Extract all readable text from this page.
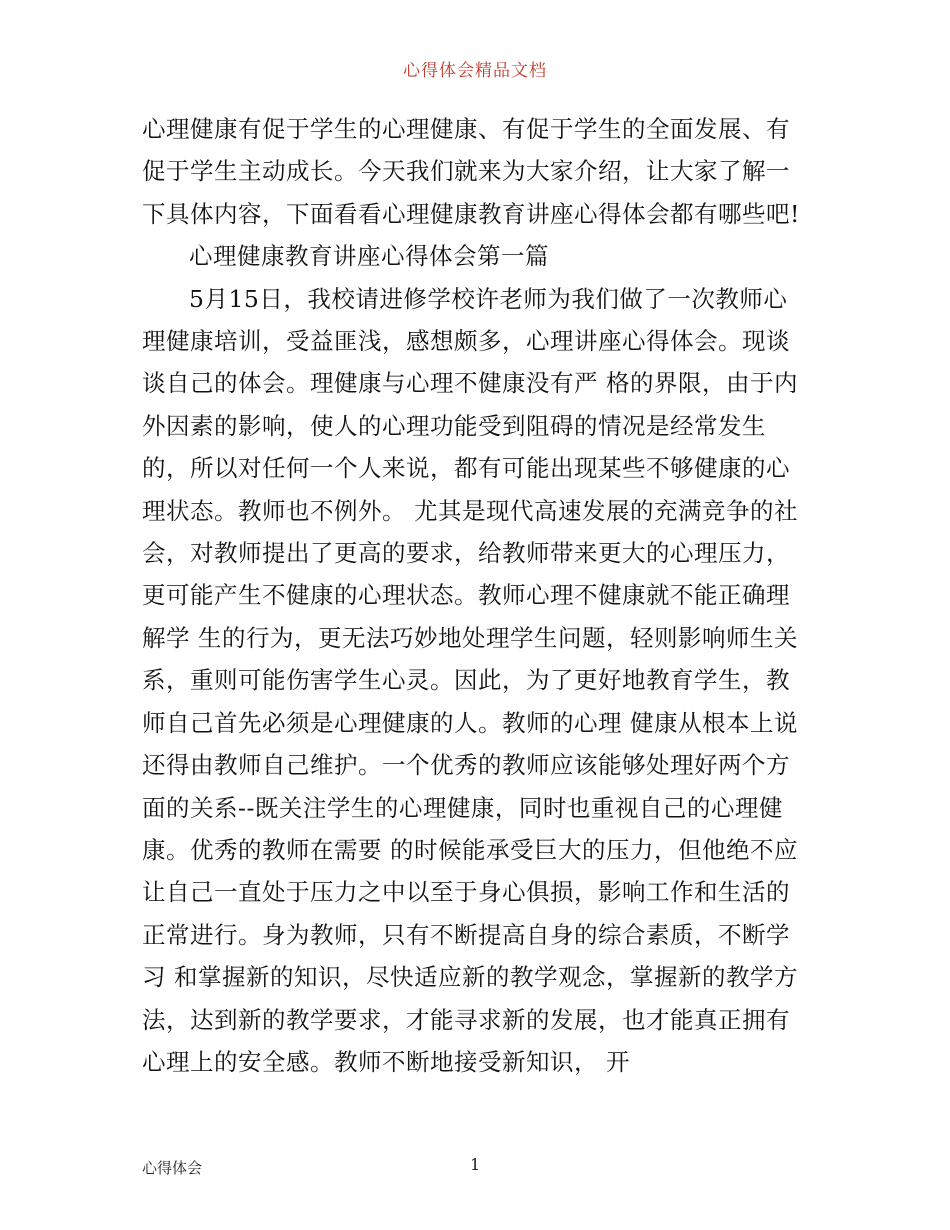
心得体会精品文档

心理健康有促于学生的心理健康、有促于学生的全面发展、有促于学生主动成长。今天我们就来为大家介绍，让大家了解一下具体内容，下面看看心理健康教育讲座心得体会都有哪些吧!

心理健康教育讲座心得体会第一篇

5月15日，我校请进修学校许老师为我们做了一次教师心理健康培训，受益匪浅，感想颇多，心理讲座心得体会。现谈谈自己的体会。理健康与心理不健康没有严 格的界限，由于内外因素的影响，使人的心理功能受到阻碍的情况是经常发生的，所以对任何一个人来说，都有可能出现某些不够健康的心理状态。教师也不例外。 尤其是现代高速发展的充满竞争的社会，对教师提出了更高的要求，给教师带来更大的心理压力，更可能产生不健康的心理状态。教师心理不健康就不能正确理解学 生的行为，更无法巧妙地处理学生问题，轻则影响师生关系，重则可能伤害学生心灵。因此，为了更好地教育学生，教师自己首先必须是心理健康的人。教师的心理 健康从根本上说还得由教师自己维护。一个优秀的教师应该能够处理好两个方面的关系--既关注学生的心理健康，同时也重视自己的心理健康。优秀的教师在需要 的时候能承受巨大的压力，但他绝不应让自己一直处于压力之中以至于身心俱损，影响工作和生活的正常进行。身为教师，只有不断提高自身的综合素质，不断学习 和掌握新的知识，尽快适应新的教学观念，掌握新的教学方法，达到新的教学要求，才能寻求新的发展，也才能真正拥有心理上的安全感。教师不断地接受新知识， 开

心得体会	1
